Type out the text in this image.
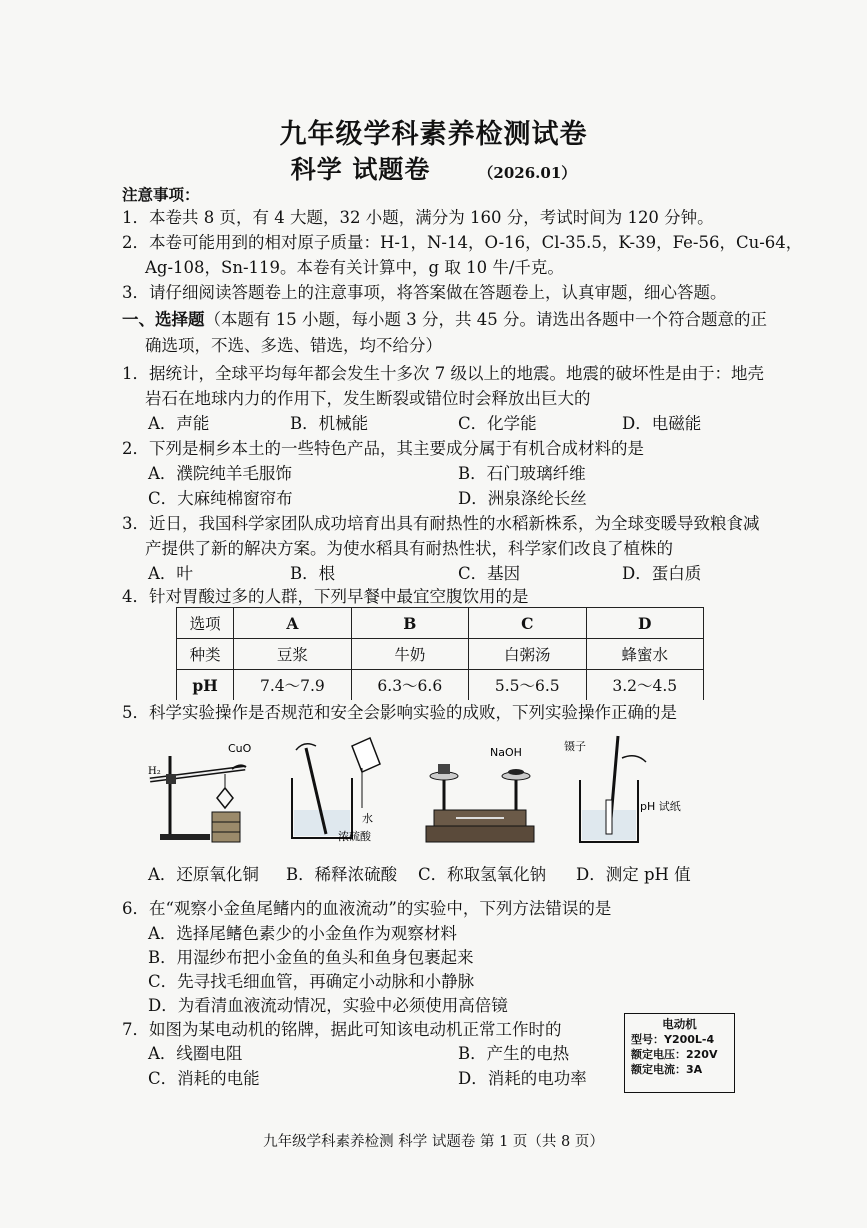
九年级学科素养检测试卷
科学 试题卷	（2026.01）
注意事项：
1．本卷共 8 页，有 4 大题，32 小题，满分为 160 分，考试时间为 120 分钟。
2．本卷可能用到的相对原子质量：H-1，N-14，O-16，Cl-35.5，K-39，Fe-56，Cu-64，
Ag-108，Sn-119。本卷有关计算中，g 取 10 牛/千克。
3．请仔细阅读答题卷上的注意事项，将答案做在答题卷上，认真审题，细心答题。
一、选择题（本题有 15 小题，每小题 3 分，共 45 分。请选出各题中一个符合题意的正
确选项，不选、多选、错选，均不给分）
1．据统计，全球平均每年都会发生十多次 7 级以上的地震。地震的破坏性是由于：地壳
岩石在地球内力的作用下，发生断裂或错位时会释放出巨大的
A．声能	B．机械能	C．化学能	D．电磁能
2．下列是桐乡本土的一些特色产品，其主要成分属于有机合成材料的是
A．濮院纯羊毛服饰	B．石门玻璃纤维
C．大麻纯棉窗帘布	D．洲泉涤纶长丝
3．近日，我国科学家团队成功培育出具有耐热性的水稻新株系，为全球变暖导致粮食减
产提供了新的解决方案。为使水稻具有耐热性状，科学家们改良了植株的
A．叶	B．根	C．基因	D．蛋白质
4．针对胃酸过多的人群，下列早餐中最宜空腹饮用的是
选项	A	B	C	D
种类	豆浆	牛奶	白粥汤	蜂蜜水
pH	7.4～7.9	6.3～6.6	5.5～6.5	3.2～4.5
5．科学实验操作是否规范和安全会影响实验的成败，下列实验操作正确的是
H₂
CuO
水
浓硫酸
NaOH	镊子
pH 试纸
A．还原氧化铜 B．稀释浓硫酸 C．称取氢氧化钠 D．测定 pH 值
6．在“观察小金鱼尾鳍内的血液流动”的实验中，下列方法错误的是
A．选择尾鳍色素少的小金鱼作为观察材料
B．用湿纱布把小金鱼的鱼头和鱼身包裹起来
C．先寻找毛细血管，再确定小动脉和小静脉
D．为看清血液流动情况，实验中必须使用高倍镜
7．如图为某电动机的铭牌，据此可知该电动机正常工作时的
A．线圈电阻	B．产生的电热
C．消耗的电能	D．消耗的电功率
电动机
型号：Y200L-4
额定电压：220V
额定电流：3A
九年级学科素养检测 科学 试题卷 第 1 页（共 8 页）
